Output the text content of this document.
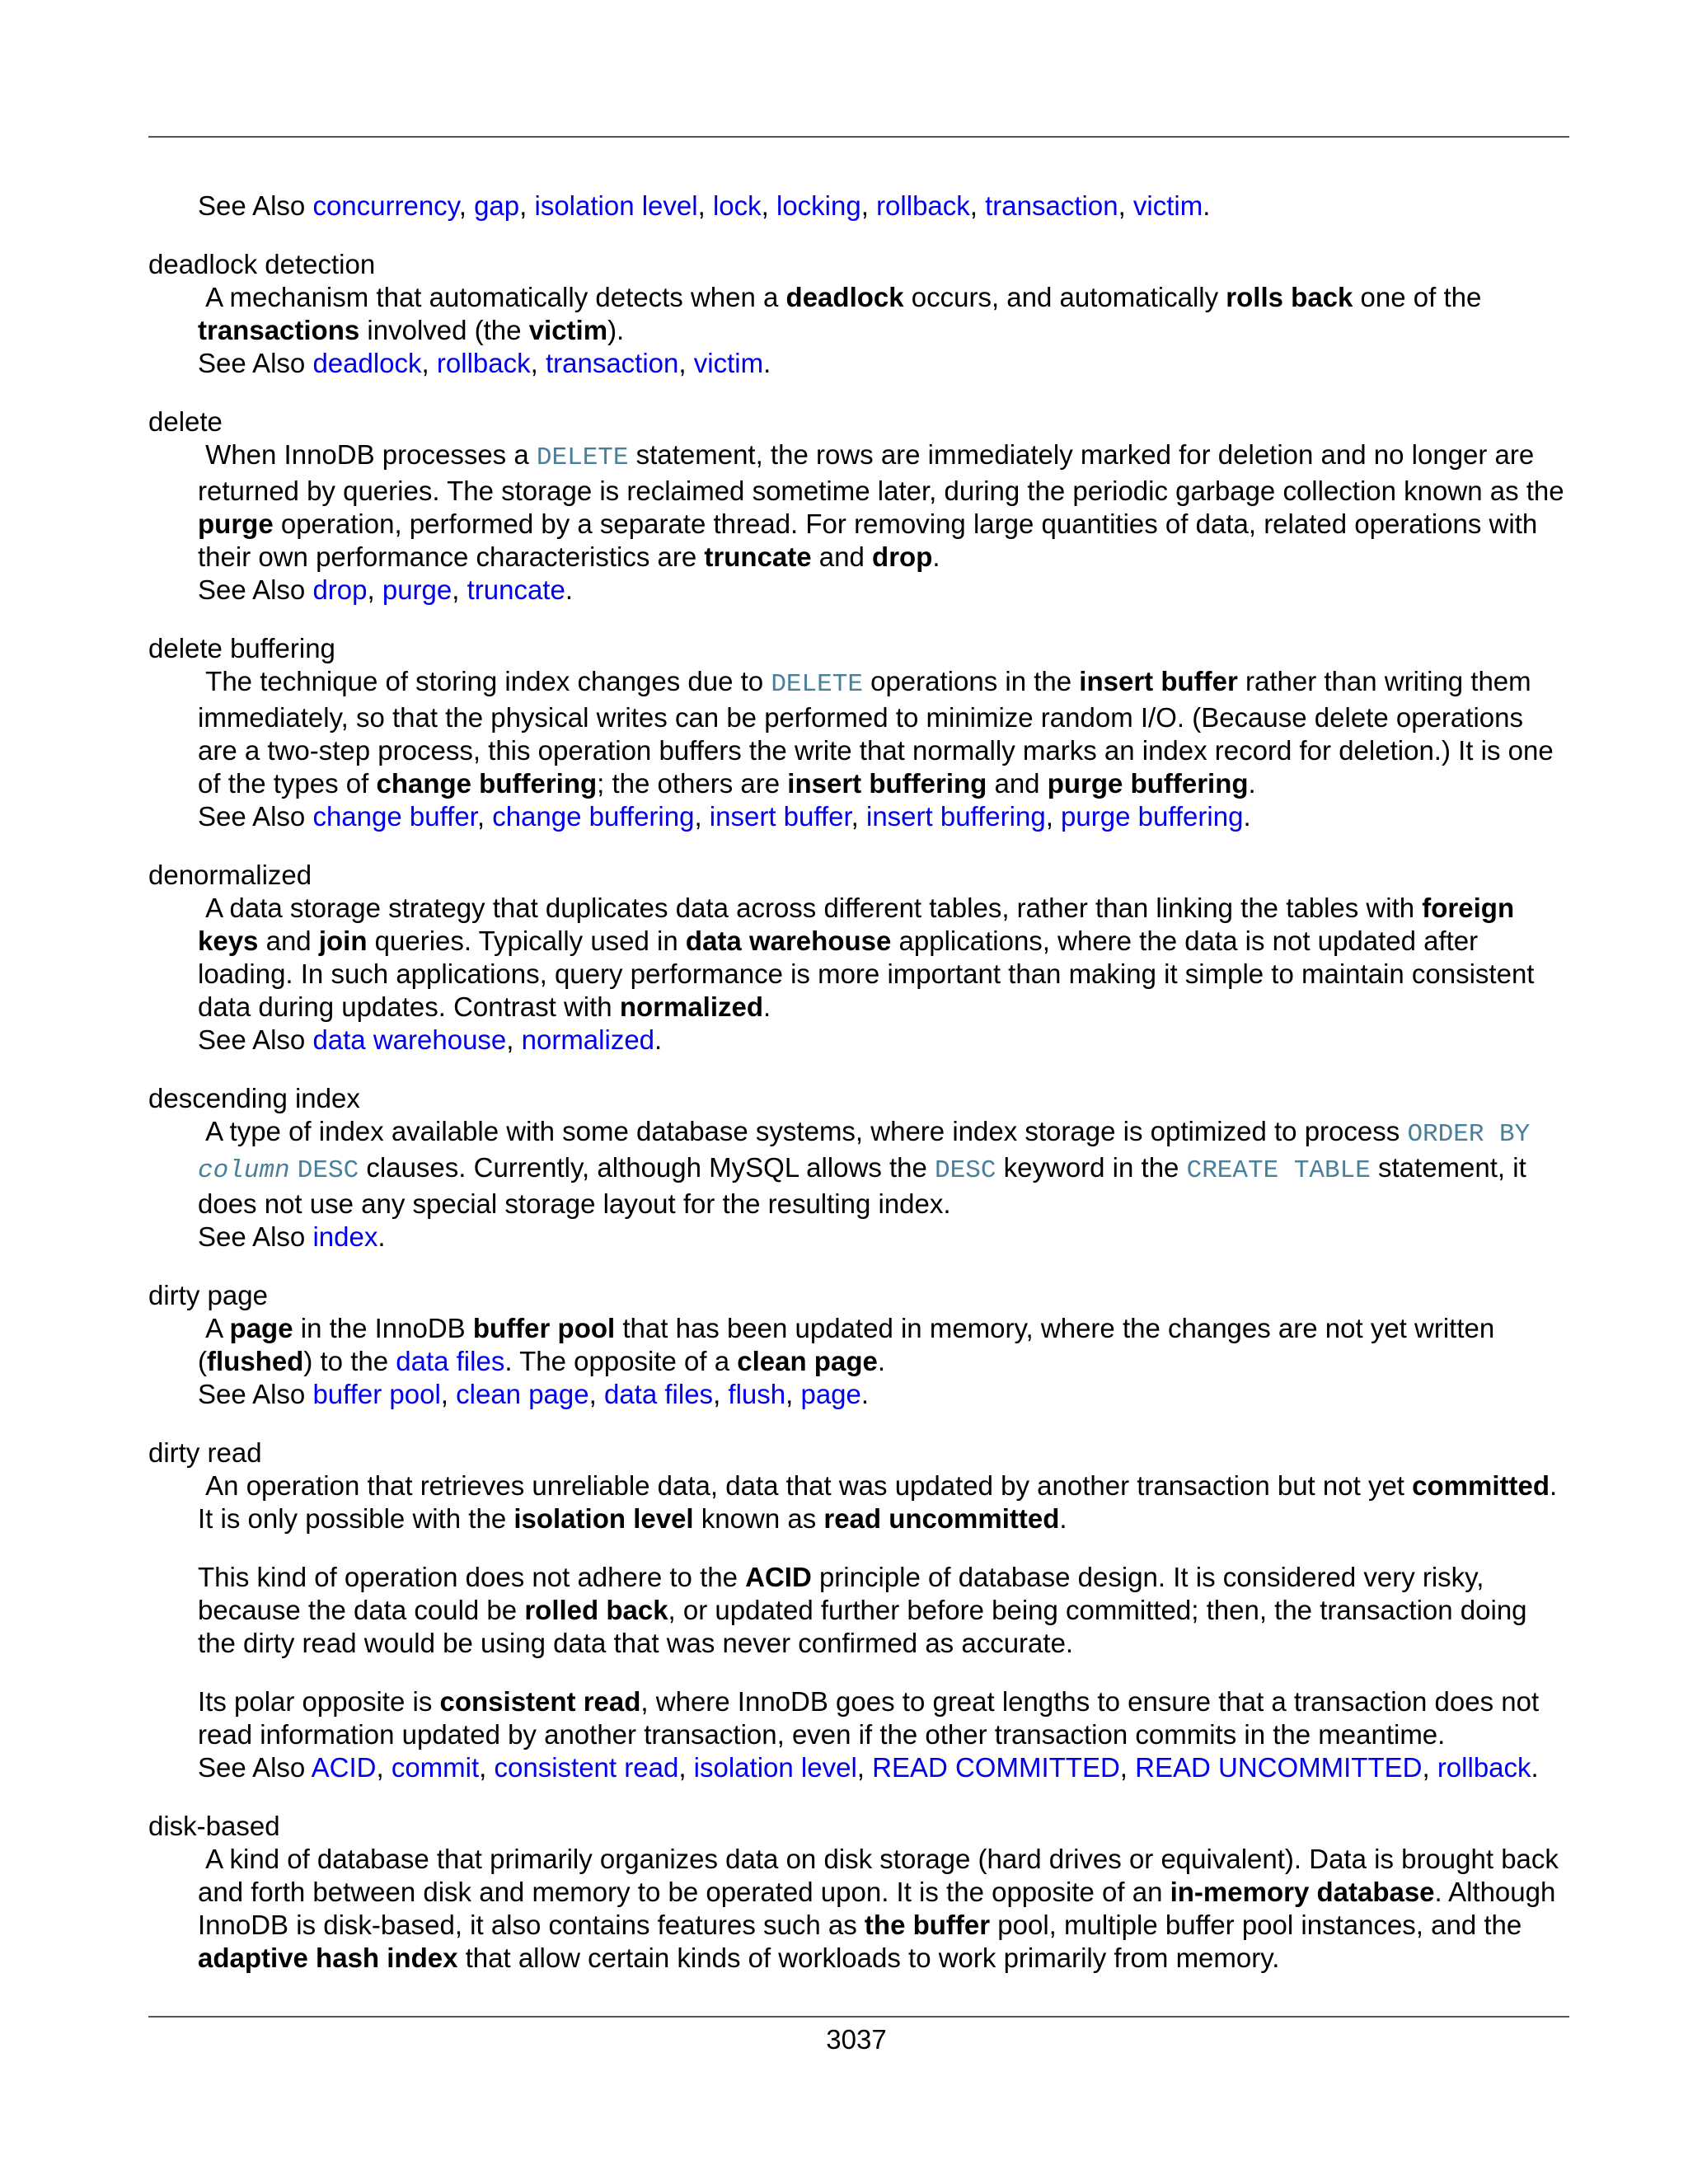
See Also concurrency, gap, isolation level, lock, locking, rollback, transaction, victim.
deadlock detection
A mechanism that automatically detects when a deadlock occurs, and automatically rolls back one of the transactions involved (the victim).
See Also deadlock, rollback, transaction, victim.
delete
When InnoDB processes a DELETE statement, the rows are immediately marked for deletion and no longer are returned by queries. The storage is reclaimed sometime later, during the periodic garbage collection known as the purge operation, performed by a separate thread. For removing large quantities of data, related operations with their own performance characteristics are truncate and drop.
See Also drop, purge, truncate.
delete buffering
The technique of storing index changes due to DELETE operations in the insert buffer rather than writing them immediately, so that the physical writes can be performed to minimize random I/O. (Because delete operations are a two-step process, this operation buffers the write that normally marks an index record for deletion.) It is one of the types of change buffering; the others are insert buffering and purge buffering.
See Also change buffer, change buffering, insert buffer, insert buffering, purge buffering.
denormalized
A data storage strategy that duplicates data across different tables, rather than linking the tables with foreign keys and join queries. Typically used in data warehouse applications, where the data is not updated after loading. In such applications, query performance is more important than making it simple to maintain consistent data during updates. Contrast with normalized.
See Also data warehouse, normalized.
descending index
A type of index available with some database systems, where index storage is optimized to process ORDER BY column DESC clauses. Currently, although MySQL allows the DESC keyword in the CREATE TABLE statement, it does not use any special storage layout for the resulting index.
See Also index.
dirty page
A page in the InnoDB buffer pool that has been updated in memory, where the changes are not yet written (flushed) to the data files. The opposite of a clean page.
See Also buffer pool, clean page, data files, flush, page.
dirty read
An operation that retrieves unreliable data, data that was updated by another transaction but not yet committed. It is only possible with the isolation level known as read uncommitted.
This kind of operation does not adhere to the ACID principle of database design. It is considered very risky, because the data could be rolled back, or updated further before being committed; then, the transaction doing the dirty read would be using data that was never confirmed as accurate.
Its polar opposite is consistent read, where InnoDB goes to great lengths to ensure that a transaction does not read information updated by another transaction, even if the other transaction commits in the meantime.
See Also ACID, commit, consistent read, isolation level, READ COMMITTED, READ UNCOMMITTED, rollback.
disk-based
A kind of database that primarily organizes data on disk storage (hard drives or equivalent). Data is brought back and forth between disk and memory to be operated upon. It is the opposite of an in-memory database. Although InnoDB is disk-based, it also contains features such as the buffer pool, multiple buffer pool instances, and the adaptive hash index that allow certain kinds of workloads to work primarily from memory.
3037
